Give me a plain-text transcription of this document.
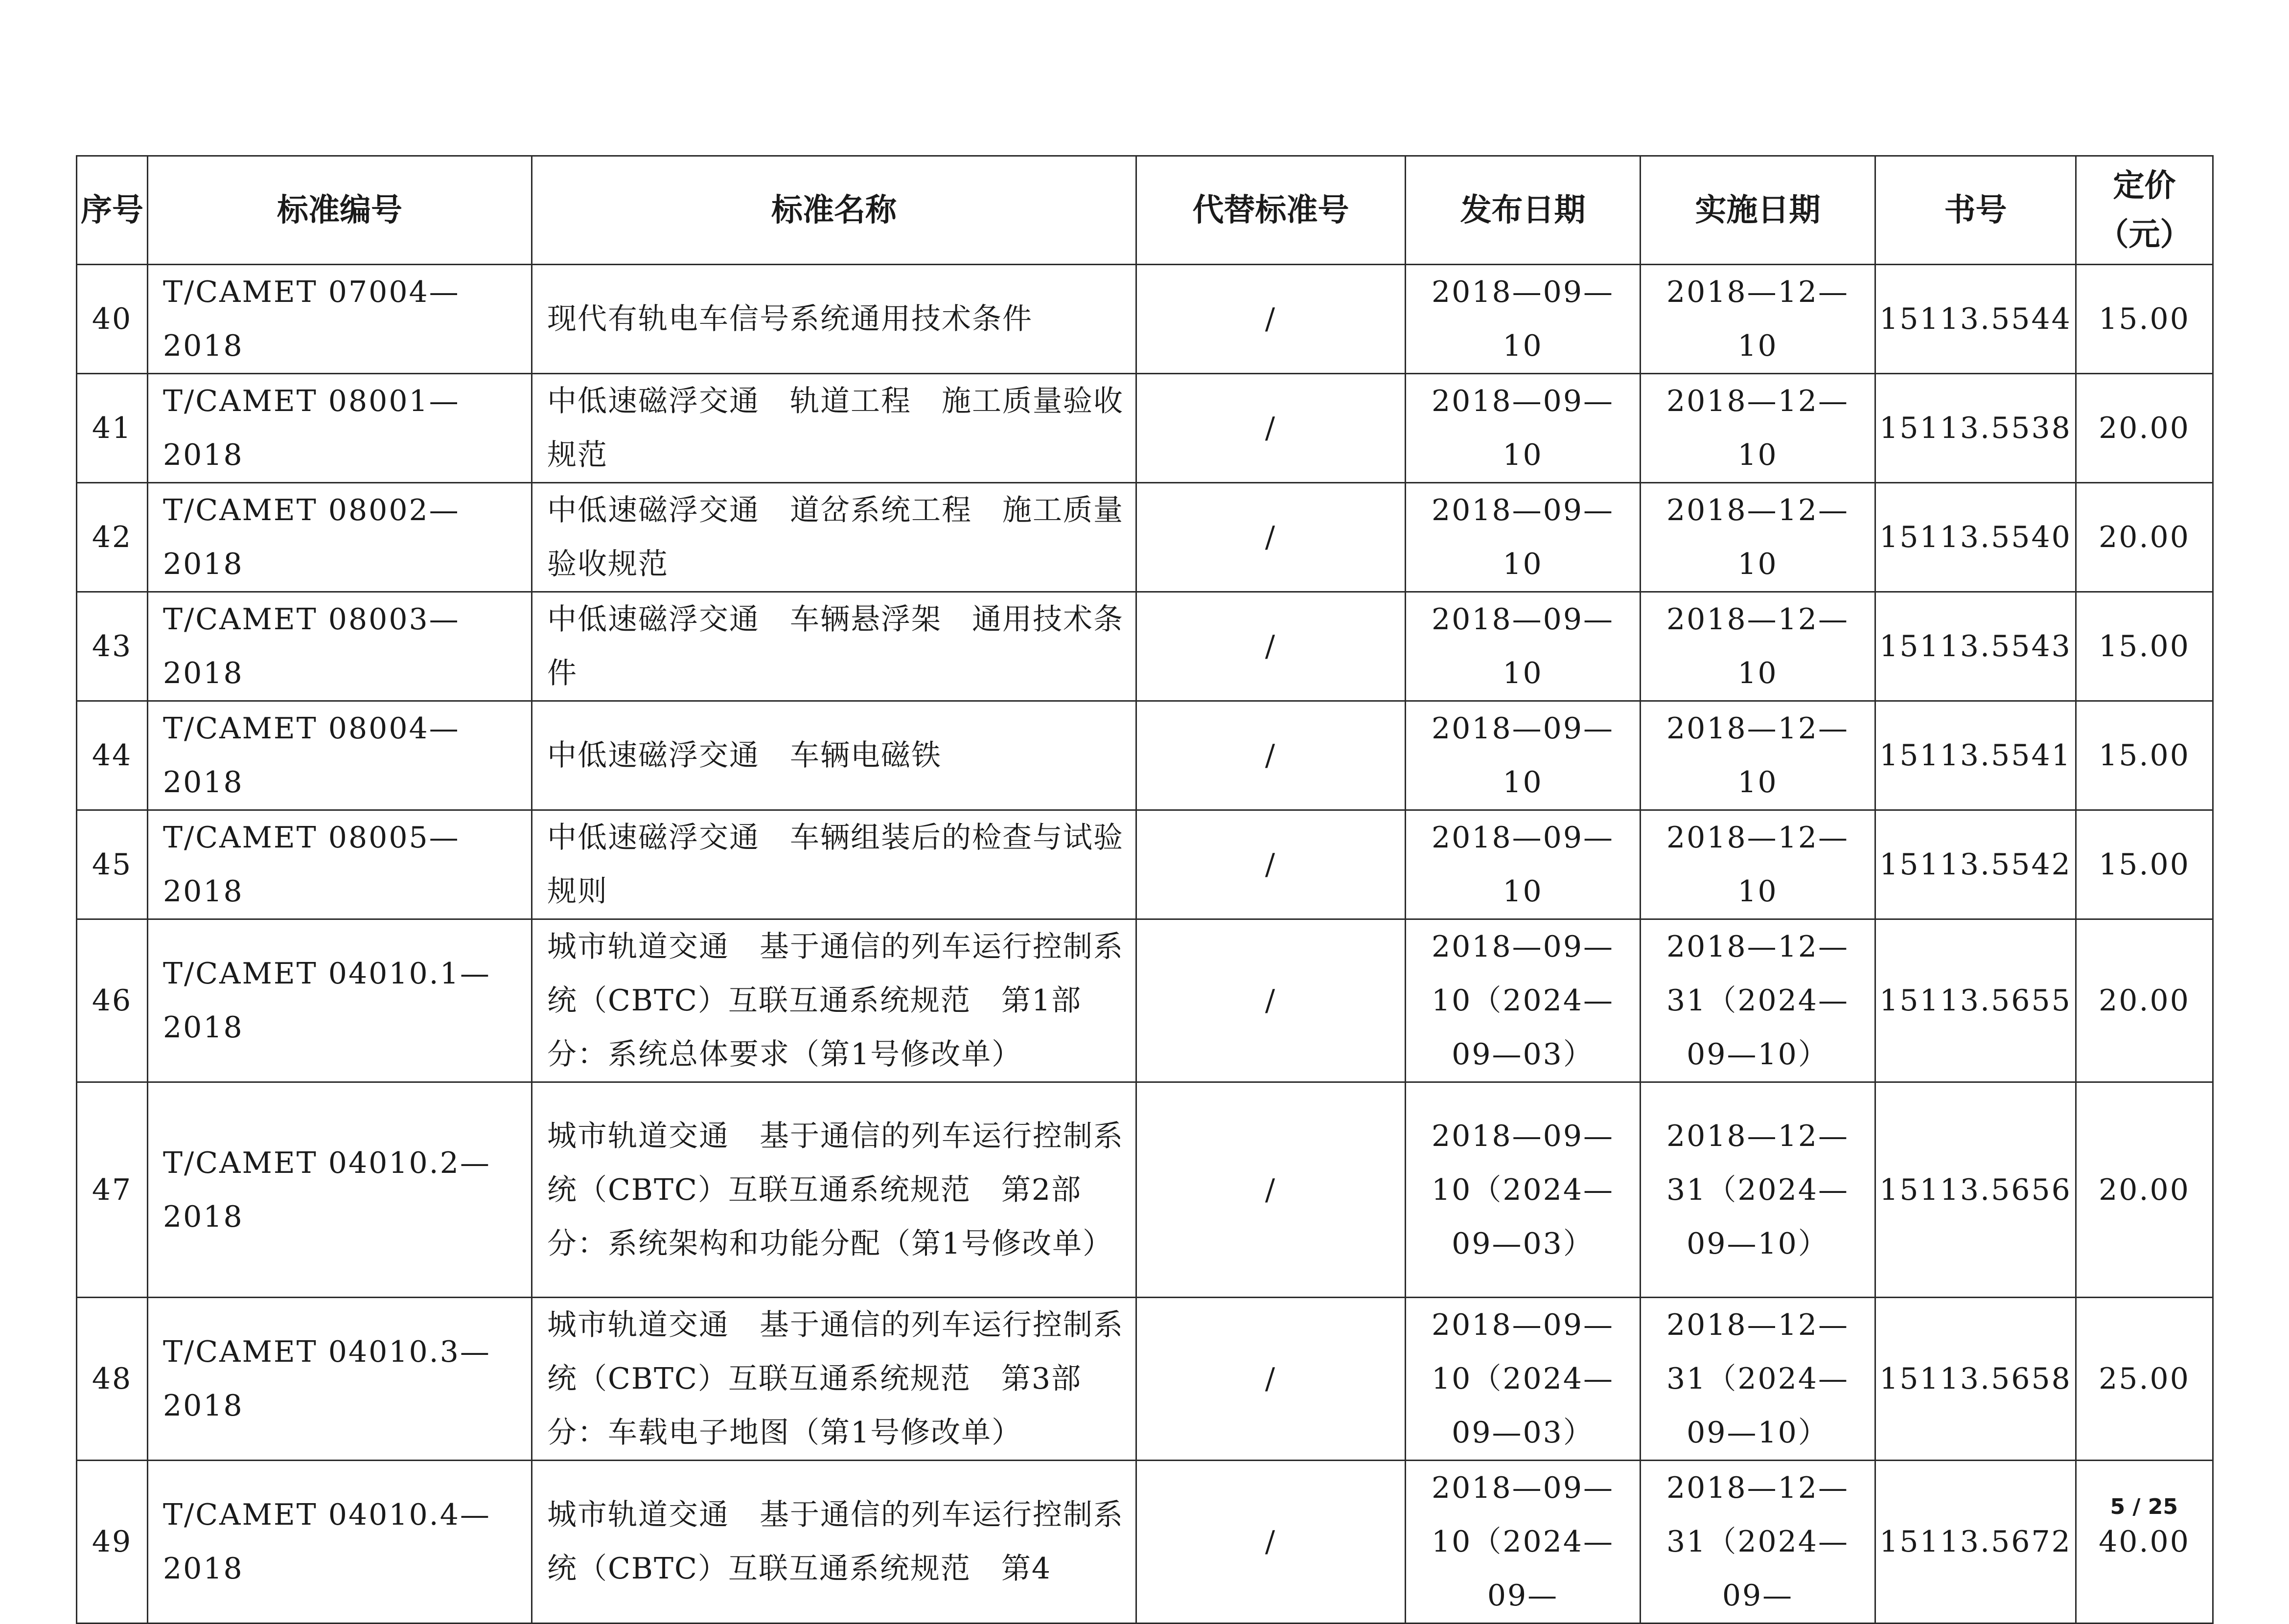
序号	标准编号	标准名称	代替标准号	发布日期	实施日期	书号	定价（元）
40	T/CAMET 07004—2018	现代有轨电车信号系统通用技术条件	/	2018—09—10	2018—12—10	15113.5544	15.00
41	T/CAMET 08001—2018	中低速磁浮交通　轨道工程　施工质量验收规范	/	2018—09—10	2018—12—10	15113.5538	20.00
42	T/CAMET 08002—2018	中低速磁浮交通　道岔系统工程　施工质量验收规范	/	2018—09—10	2018—12—10	15113.5540	20.00
43	T/CAMET 08003—2018	中低速磁浮交通　车辆悬浮架　通用技术条件	/	2018—09—10	2018—12—10	15113.5543	15.00
44	T/CAMET 08004—2018	中低速磁浮交通　车辆电磁铁	/	2018—09—10	2018—12—10	15113.5541	15.00
45	T/CAMET 08005—2018	中低速磁浮交通　车辆组装后的检查与试验规则	/	2018—09—10	2018—12—10	15113.5542	15.00
46	T/CAMET 04010.1—2018	城市轨道交通　基于通信的列车运行控制系统（CBTC）互联互通系统规范　第1部分：系统总体要求（第1号修改单）	/	2018—09—10（2024—09—03）	2018—12—31（2024—09—10）	15113.5655	20.00
47	T/CAMET 04010.2—2018	城市轨道交通　基于通信的列车运行控制系统（CBTC）互联互通系统规范　第2部分：系统架构和功能分配（第1号修改单）	/	2018—09—10（2024—09—03）	2018—12—31（2024—09—10）	15113.5656	20.00
48	T/CAMET 04010.3—2018	城市轨道交通　基于通信的列车运行控制系统（CBTC）互联互通系统规范　第3部分：车载电子地图（第1号修改单）	/	2018—09—10（2024—09—03）	2018—12—31（2024—09—10）	15113.5658	25.00
49	T/CAMET 04010.4—2018	城市轨道交通　基于通信的列车运行控制系统（CBTC）互联互通系统规范　第4	/	2018—09—10（2024—09—	2018—12—31（2024—09—	15113.5672	40.00
5 / 25
